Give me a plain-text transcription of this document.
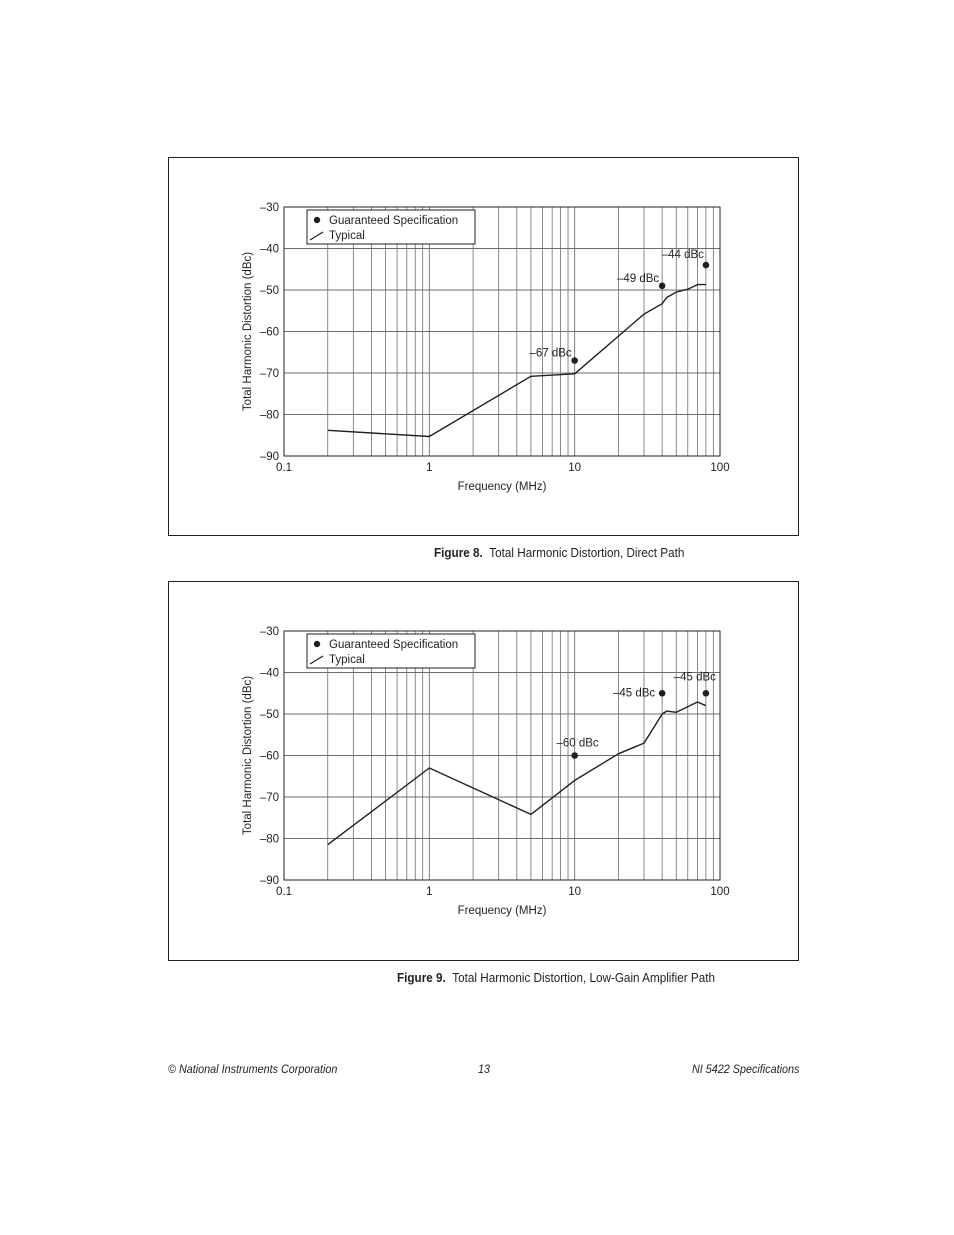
–30
–40
–50
–60
–70
–80
–90
0.1	1	10	100
Frequency (MHz)
Total Harmonic Distortion (dBc)	–67 dBc
–49 dBc
–44 dBc
Guaranteed Specification
Typical
Figure 8. Total Harmonic Distortion, Direct Path
–30
–40
–50
–60
–70
–80
–90
0.1	1	10	100
Frequency (MHz)
Total Harmonic Distortion (dBc)	–60 dBc
–45 dBc
–45 dBc
Guaranteed Specification
Typical
Figure 9. Total Harmonic Distortion, Low-Gain Amplifier Path
© National Instruments Corporation	13	NI 5422 Specifications
